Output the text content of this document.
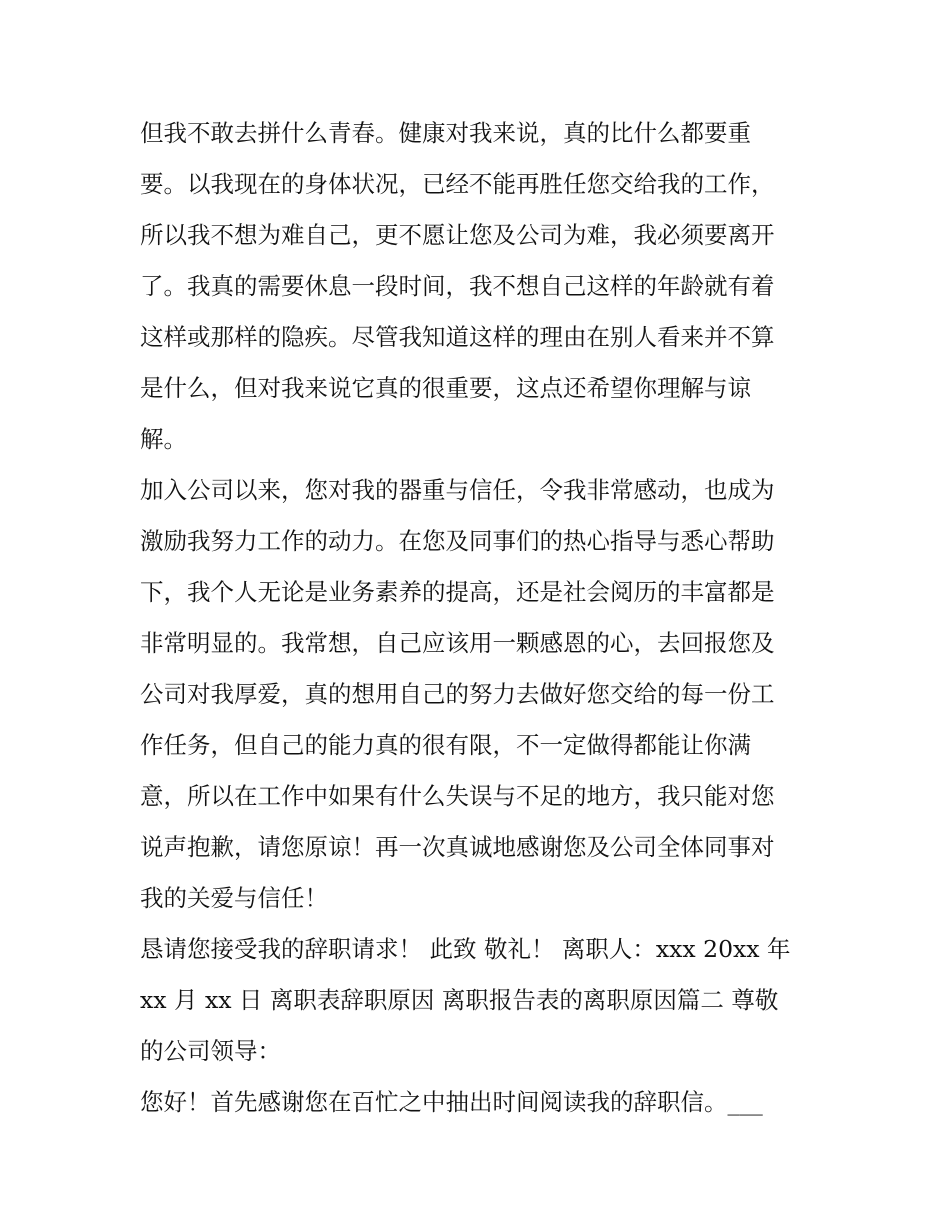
但我不敢去拼什么青春。健康对我来说，真的比什么都要重
要。以我现在的身体状况，已经不能再胜任您交给我的工作，
所以我不想为难自己，更不愿让您及公司为难，我必须要离开
了。我真的需要休息一段时间，我不想自己这样的年龄就有着
这样或那样的隐疾。尽管我知道这样的理由在别人看来并不算
是什么，但对我来说它真的很重要，这点还希望你理解与谅
解。
加入公司以来，您对我的器重与信任，令我非常感动，也成为
激励我努力工作的动力。在您及同事们的热心指导与悉心帮助
下，我个人无论是业务素养的提高，还是社会阅历的丰富都是
非常明显的。我常想，自己应该用一颗感恩的心，去回报您及
公司对我厚爱，真的想用自己的努力去做好您交给的每一份工
作任务，但自己的能力真的很有限，不一定做得都能让你满
意，所以在工作中如果有什么失误与不足的地方，我只能对您
说声抱歉，请您原谅！再一次真诚地感谢您及公司全体同事对
我的关爱与信任！
恳请您接受我的辞职请求！ 此致 敬礼！ 离职人：xxx 20xx 年
xx 月 xx 日 离职表辞职原因 离职报告表的离职原因篇二 尊敬
的公司领导：
您好！首先感谢您在百忙之中抽出时间阅读我的辞职信。___
